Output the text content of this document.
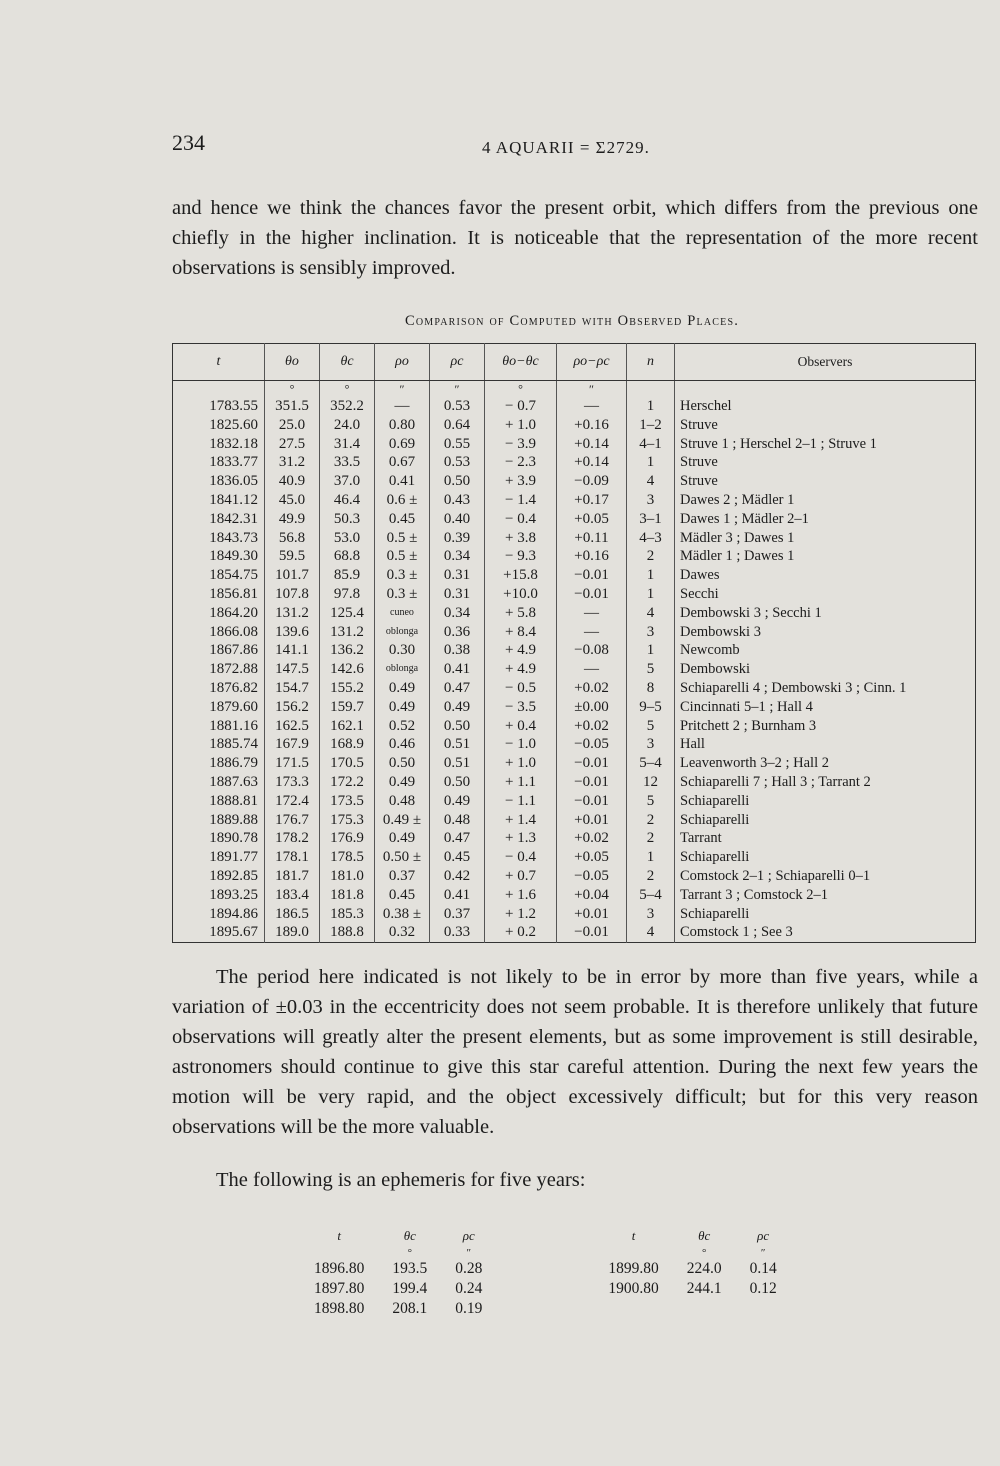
234	4 AQUARII = Σ2729.

and hence we think the chances favor the present orbit, which differs from the previous one chiefly in the higher inclination. It is noticeable that the representation of the more recent observations is sensibly improved.

Comparison of Computed with Observed Places.
t	θo	θc	ρo	ρc	θo−θc	ρo−ρc	n	Observers
	°	°	″	″	°	″		
1783.55	351.5	352.2	—	0.53	− 0.7	—	1	Herschel
1825.60	25.0	24.0	0.80	0.64	+ 1.0	+0.16	1–2	Struve
1832.18	27.5	31.4	0.69	0.55	− 3.9	+0.14	4–1	Struve 1 ; Herschel 2–1 ; Struve 1
1833.77	31.2	33.5	0.67	0.53	− 2.3	+0.14	1	Struve
1836.05	40.9	37.0	0.41	0.50	+ 3.9	−0.09	4	Struve
1841.12	45.0	46.4	0.6 ±	0.43	− 1.4	+0.17	3	Dawes 2 ; Mädler 1
1842.31	49.9	50.3	0.45	0.40	− 0.4	+0.05	3–1	Dawes 1 ; Mädler 2–1
1843.73	56.8	53.0	0.5 ±	0.39	+ 3.8	+0.11	4–3	Mädler 3 ; Dawes 1
1849.30	59.5	68.8	0.5 ±	0.34	− 9.3	+0.16	2	Mädler 1 ; Dawes 1
1854.75	101.7	85.9	0.3 ±	0.31	+15.8	−0.01	1	Dawes
1856.81	107.8	97.8	0.3 ±	0.31	+10.0	−0.01	1	Secchi
1864.20	131.2	125.4	cuneo	0.34	+ 5.8	—	4	Dembowski 3 ; Secchi 1
1866.08	139.6	131.2	oblonga	0.36	+ 8.4	—	3	Dembowski 3
1867.86	141.1	136.2	0.30	0.38	+ 4.9	−0.08	1	Newcomb
1872.88	147.5	142.6	oblonga	0.41	+ 4.9	—	5	Dembowski
1876.82	154.7	155.2	0.49	0.47	− 0.5	+0.02	8	Schiaparelli 4 ; Dembowski 3 ; Cinn. 1
1879.60	156.2	159.7	0.49	0.49	− 3.5	±0.00	9–5	Cincinnati 5–1 ; Hall 4
1881.16	162.5	162.1	0.52	0.50	+ 0.4	+0.02	5	Pritchett 2 ; Burnham 3
1885.74	167.9	168.9	0.46	0.51	− 1.0	−0.05	3	Hall
1886.79	171.5	170.5	0.50	0.51	+ 1.0	−0.01	5–4	Leavenworth 3–2 ; Hall 2
1887.63	173.3	172.2	0.49	0.50	+ 1.1	−0.01	12	Schiaparelli 7 ; Hall 3 ; Tarrant 2
1888.81	172.4	173.5	0.48	0.49	− 1.1	−0.01	5	Schiaparelli
1889.88	176.7	175.3	0.49 ±	0.48	+ 1.4	+0.01	2	Schiaparelli
1890.78	178.2	176.9	0.49	0.47	+ 1.3	+0.02	2	Tarrant
1891.77	178.1	178.5	0.50 ±	0.45	− 0.4	+0.05	1	Schiaparelli
1892.85	181.7	181.0	0.37	0.42	+ 0.7	−0.05	2	Comstock 2–1 ; Schiaparelli 0–1
1893.25	183.4	181.8	0.45	0.41	+ 1.6	+0.04	5–4	Tarrant 3 ; Comstock 2–1
1894.86	186.5	185.3	0.38 ±	0.37	+ 1.2	+0.01	3	Schiaparelli
1895.67	189.0	188.8	0.32	0.33	+ 0.2	−0.01	4	Comstock 1 ; See 3

The period here indicated is not likely to be in error by more than five years, while a variation of ±0.03 in the eccentricity does not seem probable. It is therefore unlikely that future observations will greatly alter the present elements, but as some improvement is still desirable, astronomers should continue to give this star careful attention. During the next few years the motion will be very rapid, and the object excessively difficult; but for this very reason observations will be the more valuable.

The following is an ephemeris for five years:

t	θc	ρc		t	θc	ρc
	°	″			°	″
1896.80	193.5	0.28		1899.80	224.0	0.14
1897.80	199.4	0.24		1900.80	244.1	0.12
1898.80	208.1	0.19				
